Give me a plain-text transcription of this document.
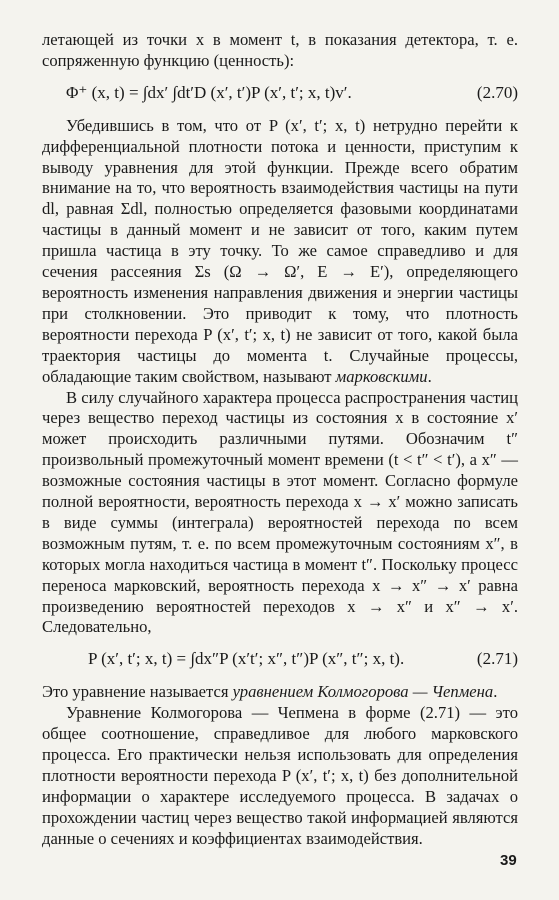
летающей из точки x в момент t, в показания детектора, т. е. сопряженную функцию (ценность):

Φ⁺ (x, t) = ∫dx′ ∫dt′D (x′, t′)P (x′, t′; x, t)v′.	(2.70)

Убедившись в том, что от P (x′, t′; x, t) нетрудно перейти к дифференциальной плотности потока и ценности, приступим к выводу уравнения для этой функции. Прежде всего обратим внимание на то, что вероятность взаимодействия частицы на пути dl, равная Σdl, полностью определяется фазовыми координатами частицы в данный момент и не зависит от того, каким путем пришла частица в эту точку. То же самое справедливо и для сечения рассеяния Σs (Ω → Ω′, E → E′), определяющего вероятность изменения направления движения и энергии частицы при столкновении. Это приводит к тому, что плотность вероятности перехода P (x′, t′; x, t) не зависит от того, какой была траектория частицы до момента t. Случайные процессы, обладающие таким свойством, называют марковскими.

В силу случайного характера процесса распространения частиц через вещество переход частицы из состояния x в состояние x′ может происходить различными путями. Обозначим t″ произвольный промежуточный момент времени (t < t″ < t′), а x″ — возможные состояния частицы в этот момент. Согласно формуле полной вероятности, вероятность перехода x → x′ можно записать в виде суммы (интеграла) вероятностей перехода по всем возможным путям, т. е. по всем промежуточным состояниям x″, в которых могла находиться частица в момент t″. Поскольку процесс переноса марковский, вероятность перехода x → x″ → x′ равна произведению вероятностей переходов x → x″ и x″ → x′. Следовательно,

P (x′, t′; x, t) = ∫dx″P (x′t′; x″, t″)P (x″, t″; x, t).	(2.71)

Это уравнение называется уравнением Колмогорова — Чепмена.

Уравнение Колмогорова — Чепмена в форме (2.71) — это общее соотношение, справедливое для любого марковского процесса. Его практически нельзя использовать для определения плотности вероятности перехода P (x′, t′; x, t) без дополнительной информации о характере исследуемого процесса. В задачах о прохождении частиц через вещество такой информацией являются данные о сечениях и коэффициентах взаимодействия.

39
